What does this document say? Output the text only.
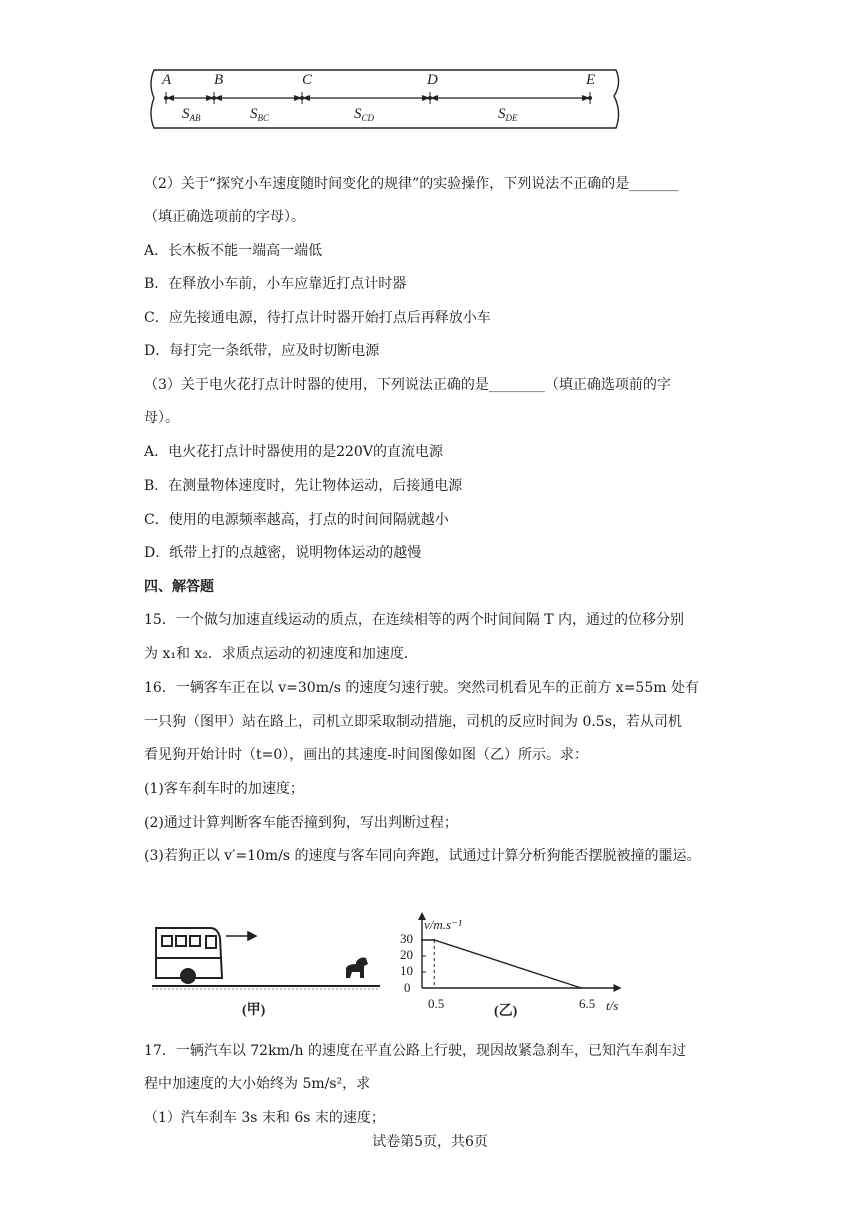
A	B	C	D	E
$S_{AB}$	$S_{BC}$	$S_{CD}$	$S_{DE}$
（2）关于“探究小车速度随时间变化的规律”的实验操作，下列说法不正确的是_______
（填正确选项前的字母）。
A．长木板不能一端高一端低
B．在释放小车前，小车应靠近打点计时器
C．应先接通电源，待打点计时器开始打点后再释放小车
D．每打完一条纸带，应及时切断电源
（3）关于电火花打点计时器的使用，下列说法正确的是________（填正确选项前的字
母）。
A．电火花打点计时器使用的是220V的直流电源
B．在测量物体速度时，先让物体运动，后接通电源
C．使用的电源频率越高，打点的时间间隔就越小
D．纸带上打的点越密，说明物体运动的越慢
四、解答题
15．一个做匀加速直线运动的质点，在连续相等的两个时间间隔 T 内，通过的位移分别
为 x₁和 x₂．求质点运动的初速度和加速度．
16．一辆客车正在以 v=30m/s 的速度匀速行驶。突然司机看见车的正前方 x=55m 处有
一只狗（图甲）站在路上，司机立即采取制动措施，司机的反应时间为 0.5s，若从司机
看见狗开始计时（t=0），画出的其速度-时间图像如图（乙）所示。求：
(1)客车刹车时的加速度；
(2)通过计算判断客车能否撞到狗，写出判断过程；
(3)若狗正以 v′=10m/s 的速度与客车同向奔跑，试通过计算分析狗能否摆脱被撞的噩运。
(甲)
v/m.s⁻¹
t/s
30
20
10
0
0.5	6.5
(乙)
17．一辆汽车以 72km/h 的速度在平直公路上行驶，现因故紧急刹车，已知汽车刹车过
程中加速度的大小始终为 5m/s²，求
（1）汽车刹车 3s 末和 6s 末的速度；
试卷第5页，共6页
